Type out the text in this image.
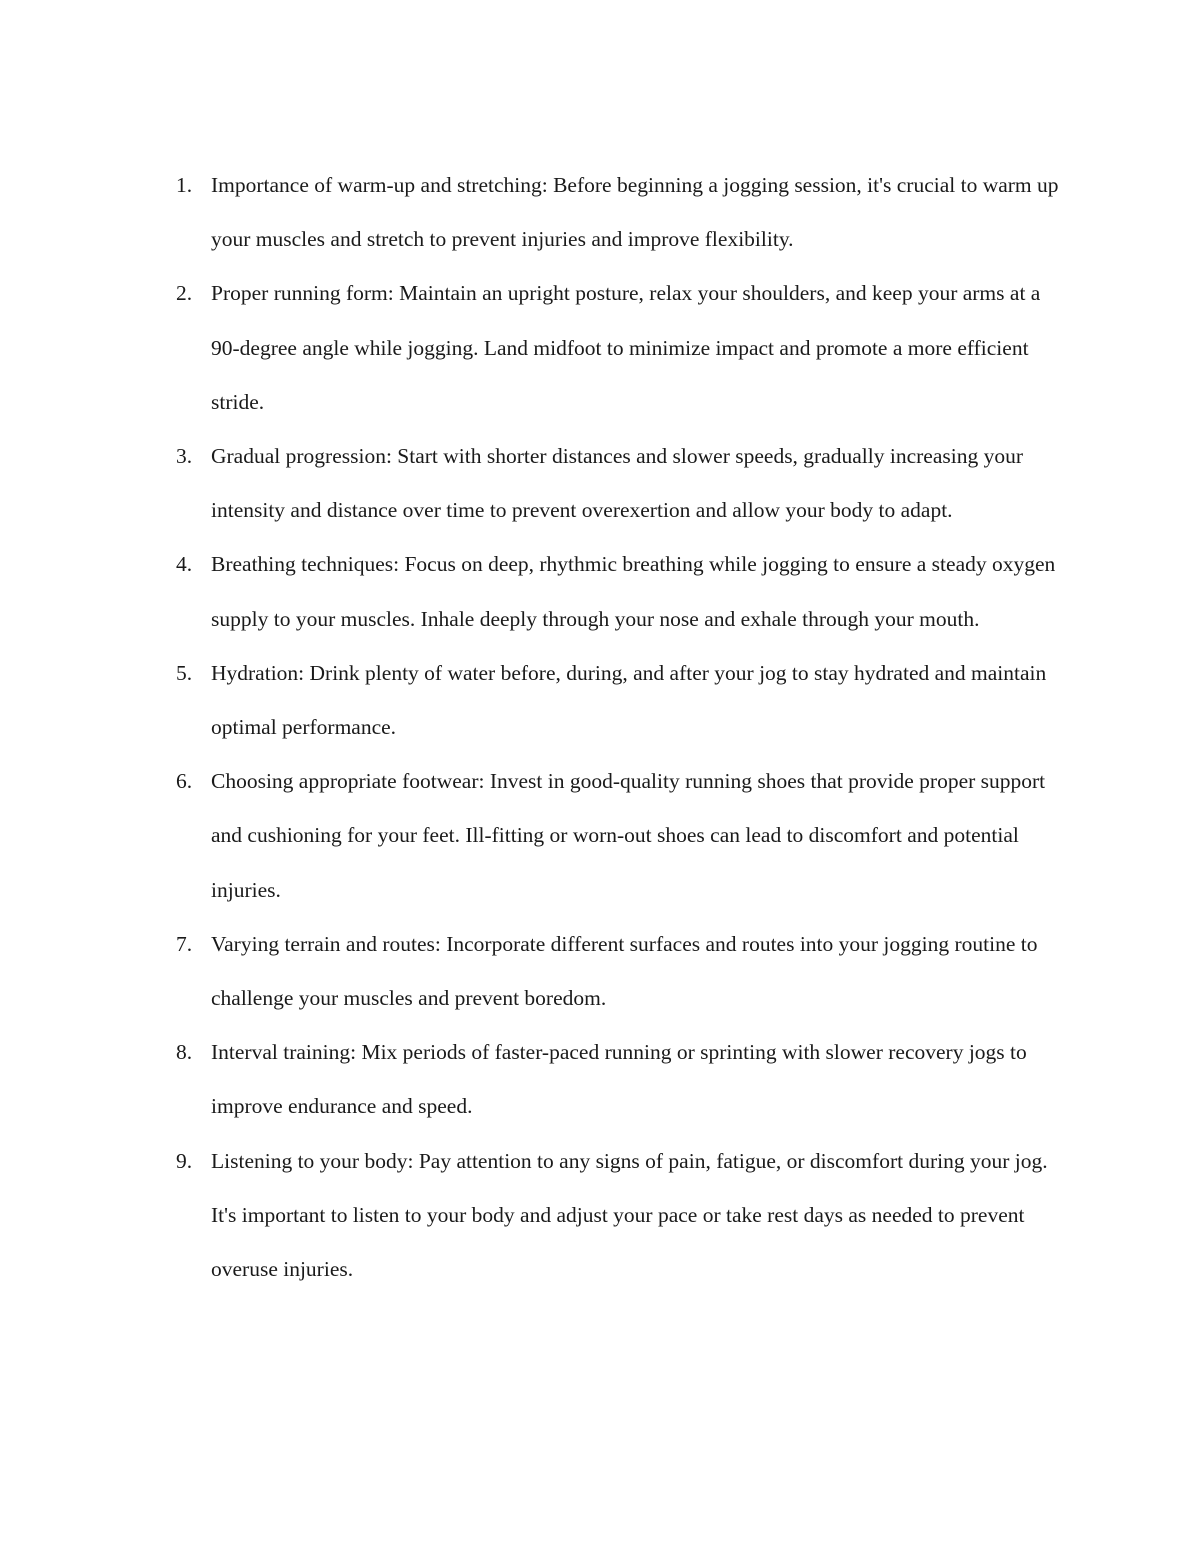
1. Importance of warm-up and stretching: Before beginning a jogging session, it's crucial to warm up your muscles and stretch to prevent injuries and improve flexibility.
2. Proper running form: Maintain an upright posture, relax your shoulders, and keep your arms at a 90-degree angle while jogging. Land midfoot to minimize impact and promote a more efficient stride.
3. Gradual progression: Start with shorter distances and slower speeds, gradually increasing your intensity and distance over time to prevent overexertion and allow your body to adapt.
4. Breathing techniques: Focus on deep, rhythmic breathing while jogging to ensure a steady oxygen supply to your muscles. Inhale deeply through your nose and exhale through your mouth.
5. Hydration: Drink plenty of water before, during, and after your jog to stay hydrated and maintain optimal performance.
6. Choosing appropriate footwear: Invest in good-quality running shoes that provide proper support and cushioning for your feet. Ill-fitting or worn-out shoes can lead to discomfort and potential injuries.
7. Varying terrain and routes: Incorporate different surfaces and routes into your jogging routine to challenge your muscles and prevent boredom.
8. Interval training: Mix periods of faster-paced running or sprinting with slower recovery jogs to improve endurance and speed.
9. Listening to your body: Pay attention to any signs of pain, fatigue, or discomfort during your jog. It's important to listen to your body and adjust your pace or take rest days as needed to prevent overuse injuries.
